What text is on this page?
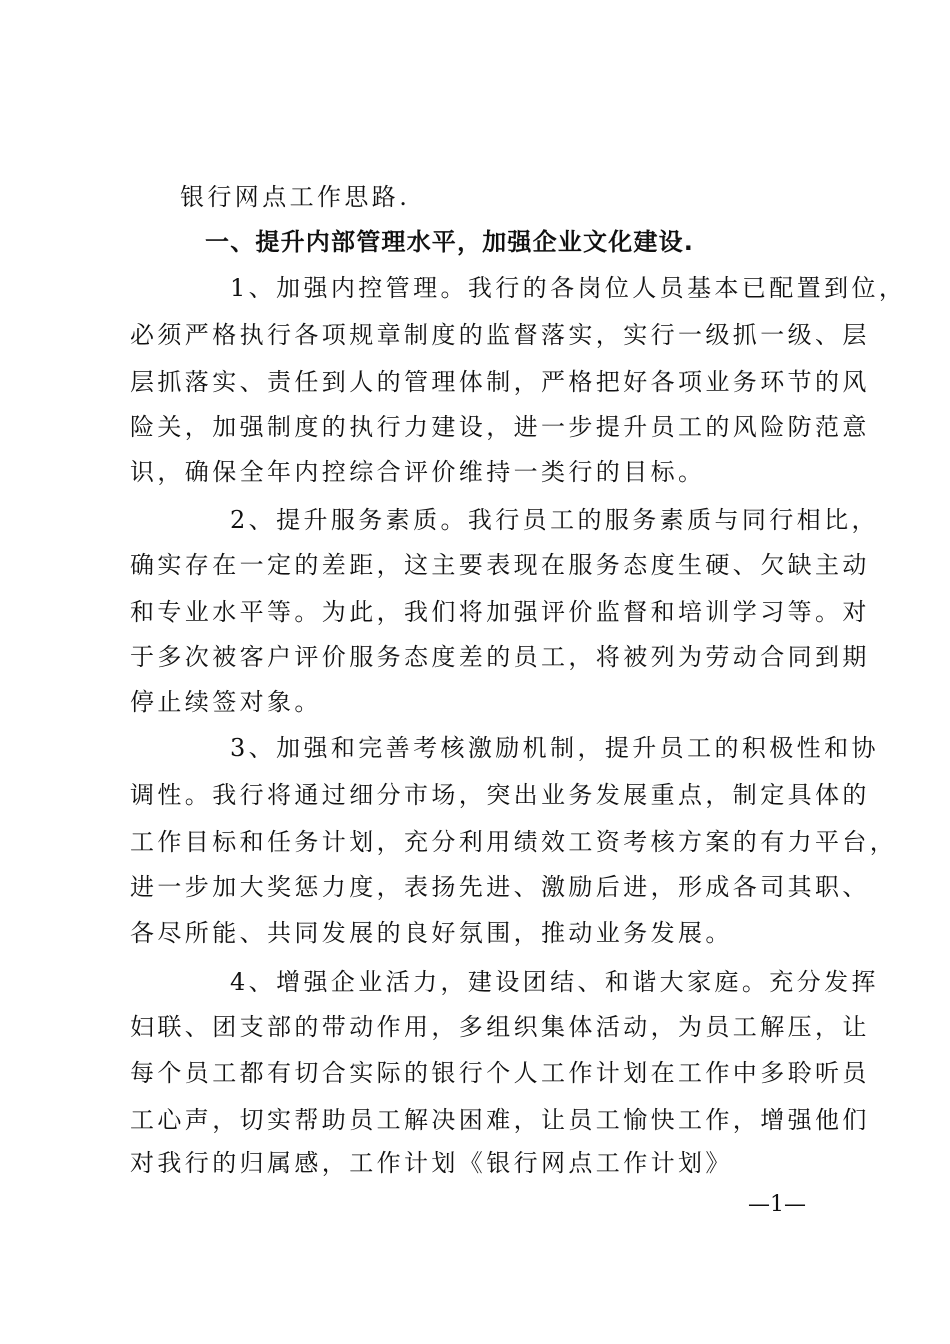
银行网点工作思路.
一、提升内部管理水平，加强企业文化建设.
1、加强内控管理。我行的各岗位人员基本已配置到位，
必须严格执行各项规章制度的监督落实，实行一级抓一级、层
层抓落实、责任到人的管理体制，严格把好各项业务环节的风
险关，加强制度的执行力建设，进一步提升员工的风险防范意
识，确保全年内控综合评价维持一类行的目标。
2、提升服务素质。我行员工的服务素质与同行相比，
确实存在一定的差距，这主要表现在服务态度生硬、欠缺主动
和专业水平等。为此，我们将加强评价监督和培训学习等。对
于多次被客户评价服务态度差的员工，将被列为劳动合同到期
停止续签对象。
3、加强和完善考核激励机制，提升员工的积极性和协
调性。我行将通过细分市场，突出业务发展重点，制定具体的
工作目标和任务计划，充分利用绩效工资考核方案的有力平台，
进一步加大奖惩力度，表扬先进、激励后进，形成各司其职、
各尽所能、共同发展的良好氛围，推动业务发展。
4、增强企业活力，建设团结、和谐大家庭。充分发挥
妇联、团支部的带动作用，多组织集体活动，为员工解压，让
每个员工都有切合实际的银行个人工作计划在工作中多聆听员
工心声，切实帮助员工解决困难，让员工愉快工作，增强他们
对我行的归属感，工作计划《银行网点工作计划》
—1—
